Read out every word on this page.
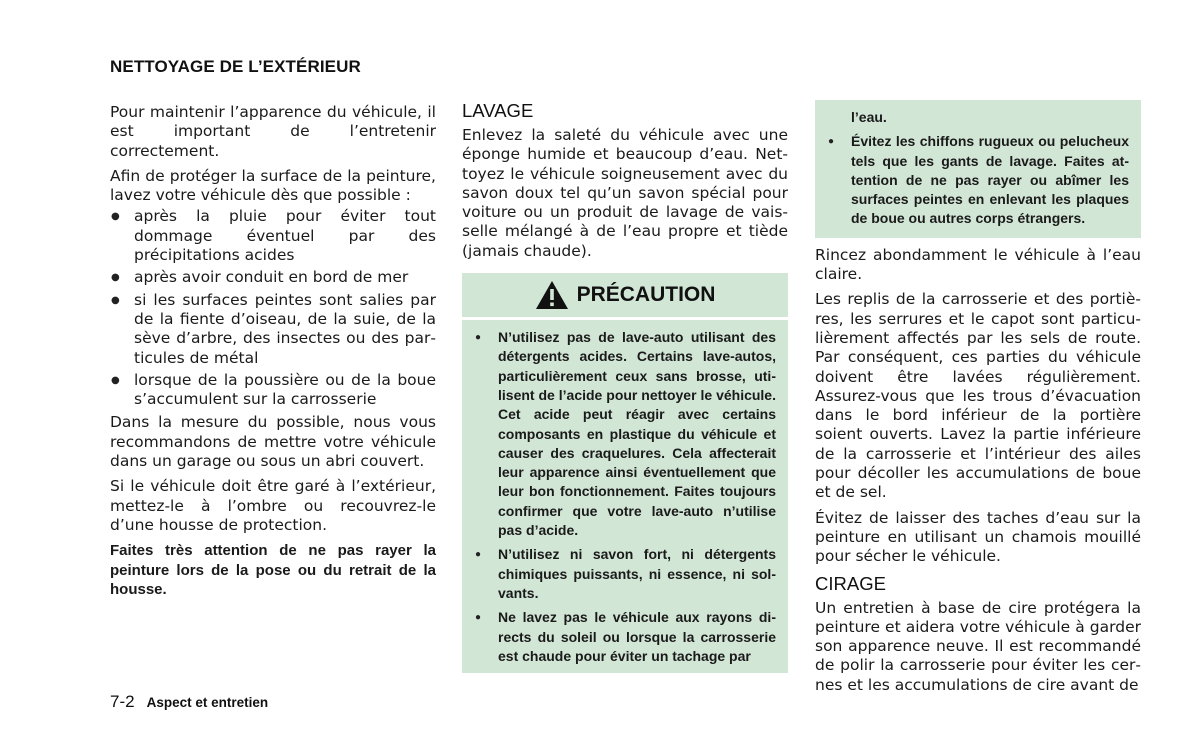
NETTOYAGE DE L’EXTÉRIEUR

Pour maintenir l’apparence du véhicule, il est important de l’entretenir correctement.

Afin de protéger la surface de la peinture, lavez votre véhicule dès que possible :

● après la pluie pour éviter tout dommage éventuel par des précipitations acides
● après avoir conduit en bord de mer
● si les surfaces peintes sont salies par de la fiente d’oiseau, de la suie, de la sève d’arbre, des insectes ou des particules de métal
● lorsque de la poussière ou de la boue s’accumulent sur la carrosserie

Dans la mesure du possible, nous vous recommandons de mettre votre véhicule dans un garage ou sous un abri couvert.

Si le véhicule doit être garé à l’extérieur, mettez-le à l’ombre ou recouvrez-le d’une housse de protection.

Faites très attention de ne pas rayer la peinture lors de la pose ou du retrait de la housse.

LAVAGE

Enlevez la saleté du véhicule avec une éponge humide et beaucoup d’eau. Nettoyez le véhicule soigneusement avec du savon doux tel qu’un savon spécial pour voiture ou un produit de lavage de vaisselle mélangé à de l’eau propre et tiède (jamais chaude).

PRÉCAUTION
● N’utilisez pas de lave-auto utilisant des détergents acides. Certains lave-autos, particulièrement ceux sans brosse, utilisent de l’acide pour nettoyer le véhicule. Cet acide peut réagir avec certains composants en plastique du véhicule et causer des craquelures. Cela affecterait leur apparence ainsi éventuellement que leur bon fonctionnement. Faites toujours confirmer que votre lave-auto n’utilise pas d’acide.
● N’utilisez ni savon fort, ni détergents chimiques puissants, ni essence, ni solvants.
● Ne lavez pas le véhicule aux rayons directs du soleil ou lorsque la carrosserie est chaude pour éviter un tachage par
l’eau.
● Évitez les chiffons rugueux ou pelucheux tels que les gants de lavage. Faites attention de ne pas rayer ou abîmer les surfaces peintes en enlevant les plaques de boue ou autres corps étrangers.

Rincez abondamment le véhicule à l’eau claire.

Les replis de la carrosserie et des portières, les serrures et le capot sont particulièrement affectés par les sels de route. Par conséquent, ces parties du véhicule doivent être lavées régulièrement. Assurez-vous que les trous d’évacuation dans le bord inférieur de la portière soient ouverts. Lavez la partie inférieure de la carrosserie et l’intérieur des ailes pour décoller les accumulations de boue et de sel.

Évitez de laisser des taches d’eau sur la peinture en utilisant un chamois mouillé pour sécher le véhicule.

CIRAGE

Un entretien à base de cire protégera la peinture et aidera votre véhicule à garder son apparence neuve. Il est recommandé de polir la carrosserie pour éviter les cernes et les accumulations de cire avant de

7-2 Aspect et entretien
